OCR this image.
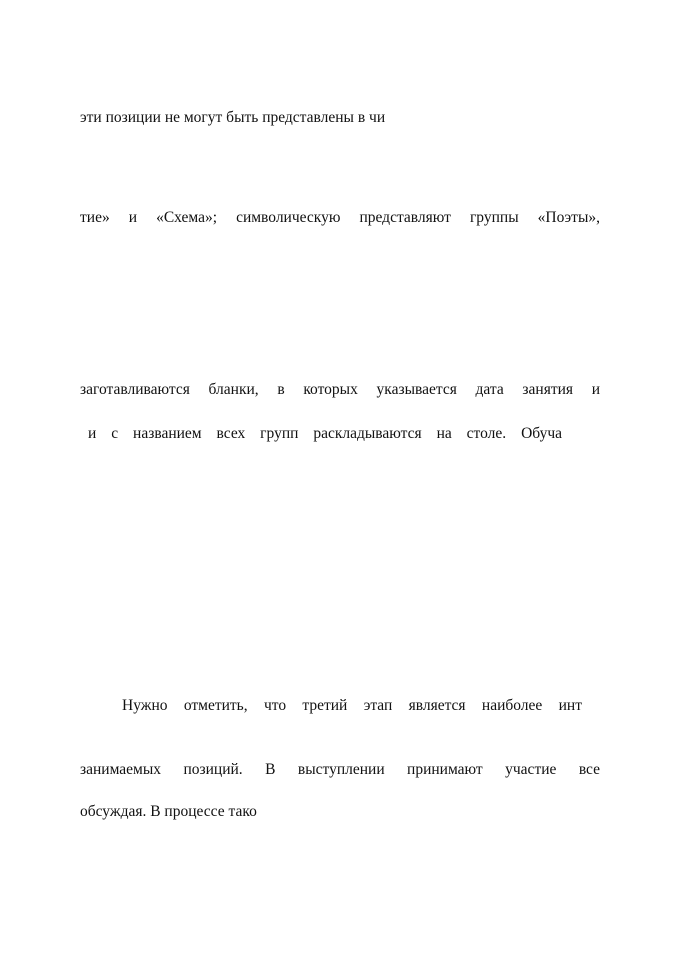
эти позиции не могут быть представлены в чи
тие» и «Схема»; символическую представляют группы «Поэты»,
заготавливаются бланки, в которых указывается дата занятия и
и с названием всех групп раскладываются на столе. Обуча
Нужно отметить, что третий этап является наиболее инт
занимаемых позиций. В выступлении принимают участие все
обсуждая. В процессе тако
